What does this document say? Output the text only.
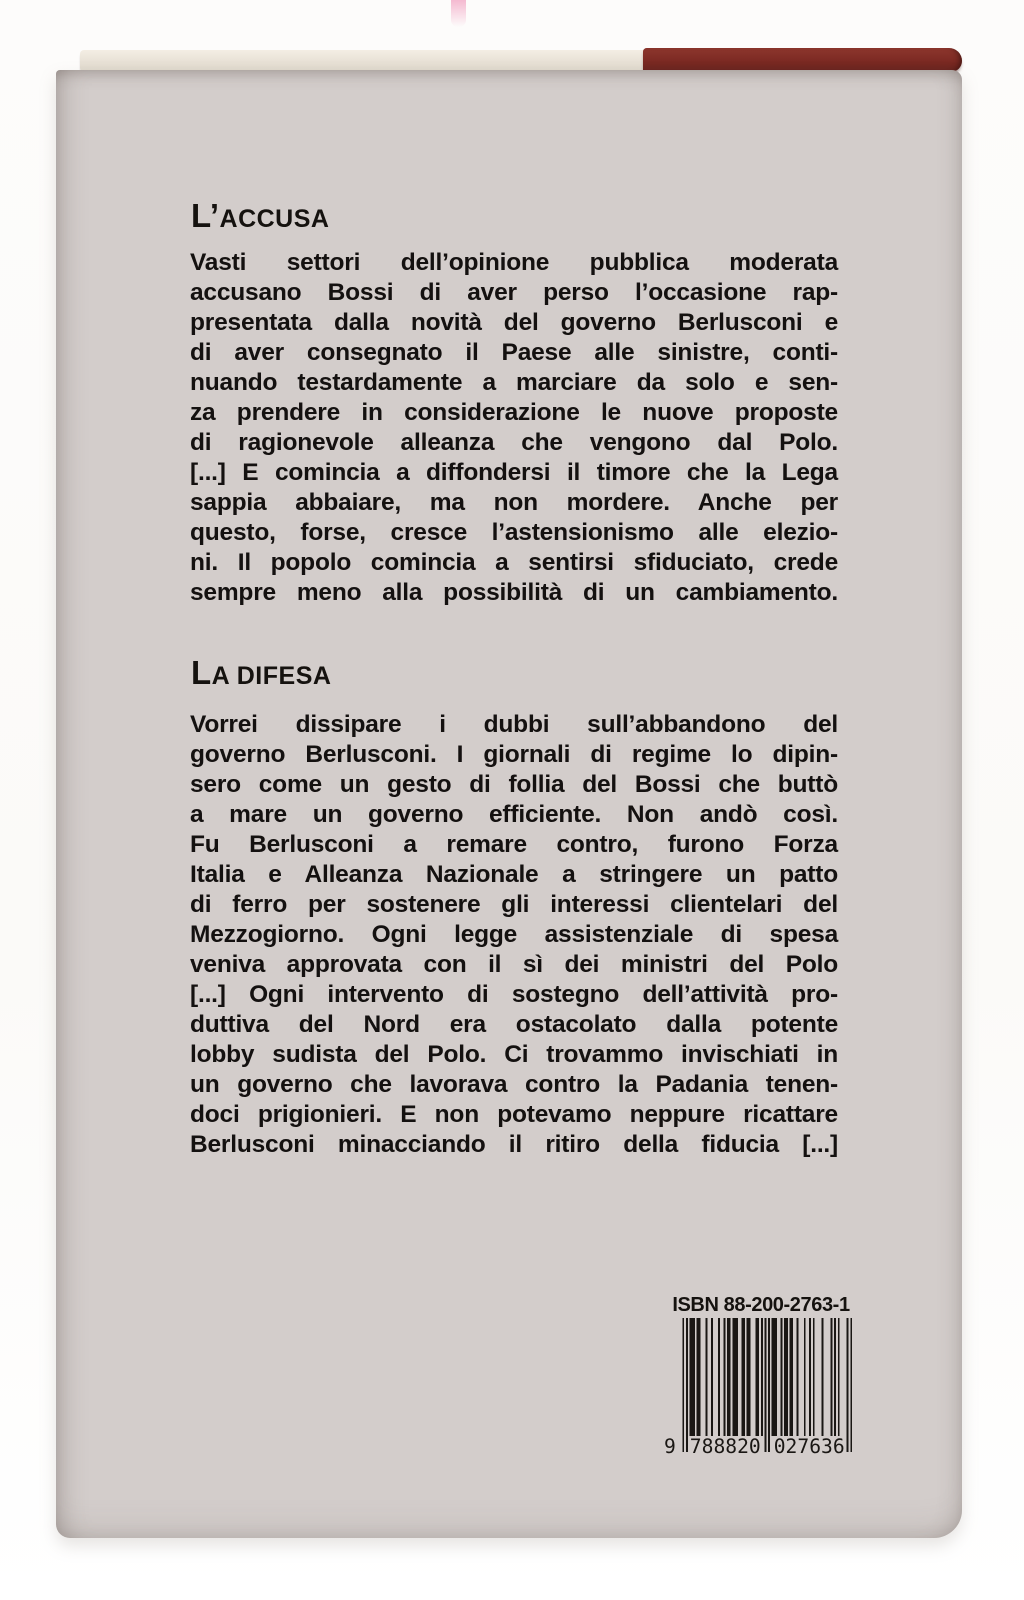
L’ACCUSA
Vasti settori dell’opinione pubblica moderata
accusano Bossi di aver perso l’occasione rap-
presentata dalla novità del governo Berlusconi e
di aver consegnato il Paese alle sinistre, conti-
nuando testardamente a marciare da solo e sen-
za prendere in considerazione le nuove proposte
di ragionevole alleanza che vengono dal Polo.
[...] E comincia a diffondersi il timore che la Lega
sappia abbaiare, ma non mordere. Anche per
questo, forse, cresce l’astensionismo alle elezio-
ni. Il popolo comincia a sentirsi sfiduciato, crede
sempre meno alla possibilità di un cambiamento.
LA DIFESA
Vorrei dissipare i dubbi sull’abbandono del
governo Berlusconi. I giornali di regime lo dipin-
sero come un gesto di follia del Bossi che buttò
a mare un governo efficiente. Non andò così.
Fu Berlusconi a remare contro, furono Forza
Italia e Alleanza Nazionale a stringere un patto
di ferro per sostenere gli interessi clientelari del
Mezzogiorno. Ogni legge assistenziale di spesa
veniva approvata con il sì dei ministri del Polo
[...] Ogni intervento di sostegno dell’attività pro-
duttiva del Nord era ostacolato dalla potente
lobby sudista del Polo. Ci trovammo invischiati in
un governo che lavorava contro la Padania tenen-
doci prigionieri. E non potevamo neppure ricattare
Berlusconi minacciando il ritiro della fiducia [...]
ISBN 88-200-2763-1
9 788820 027636
